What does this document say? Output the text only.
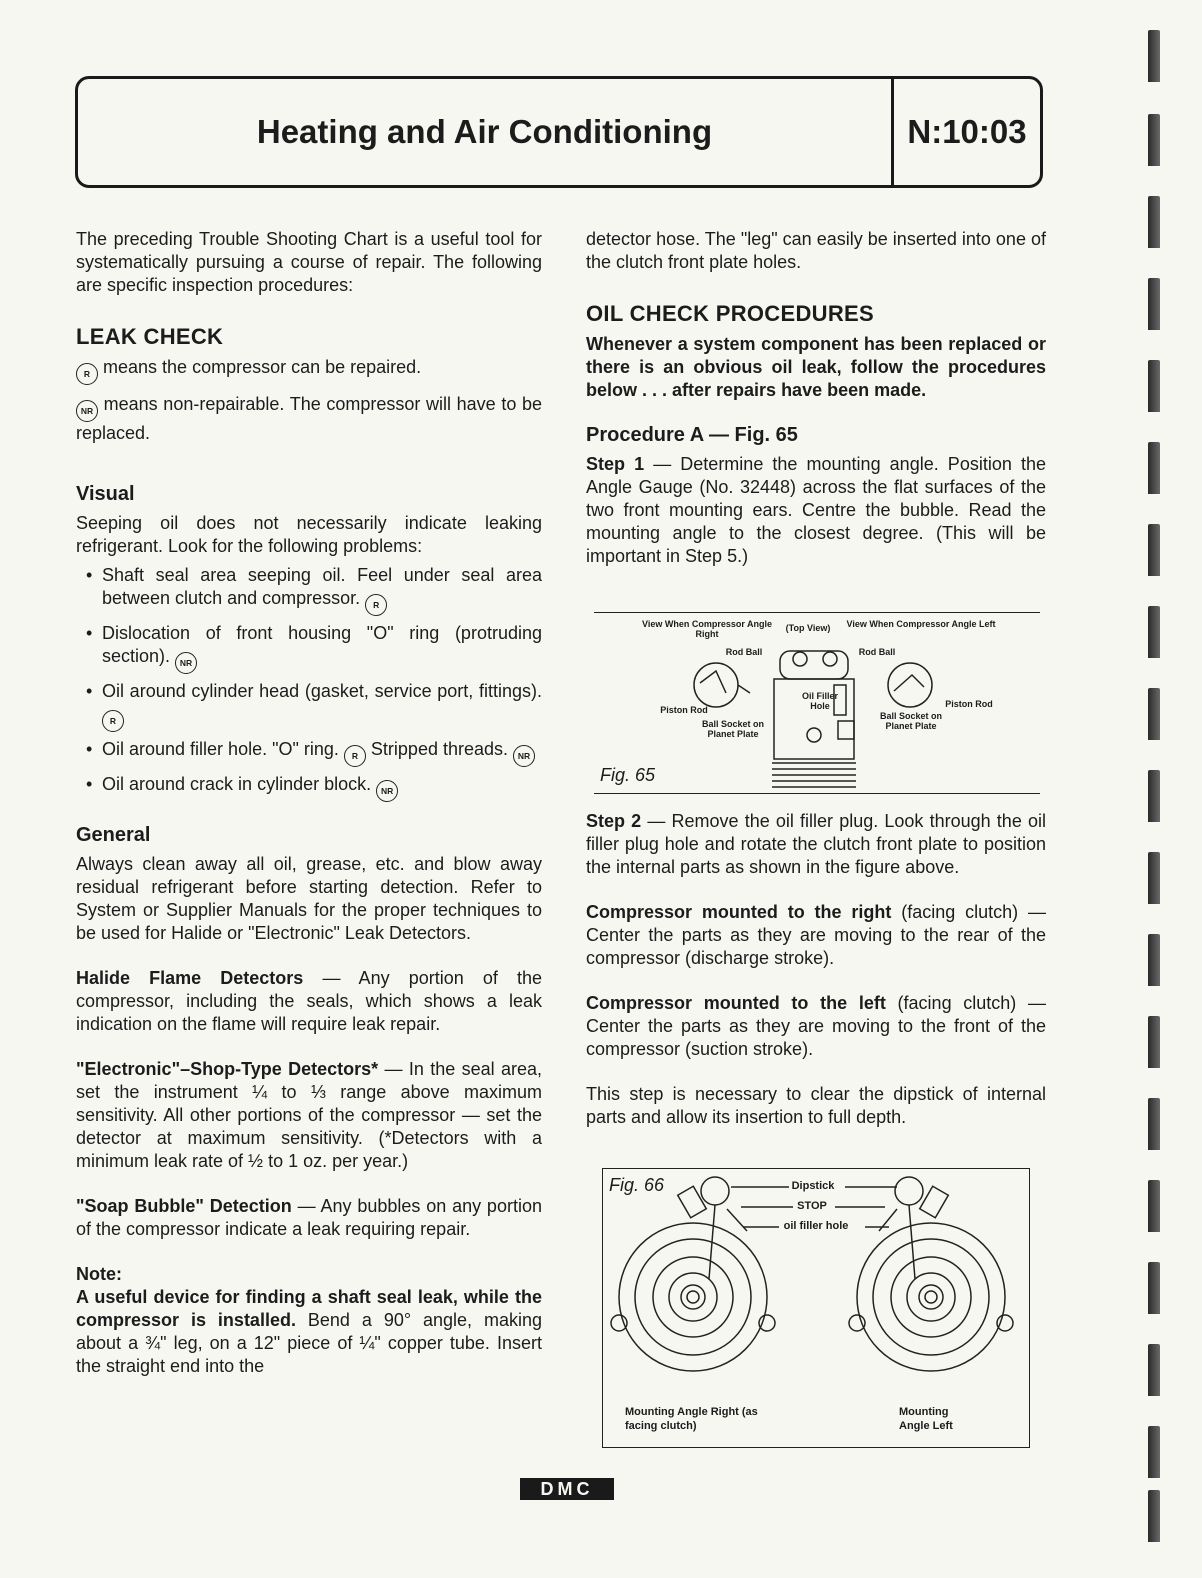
Heating and Air Conditioning	N:10:03

The preceding Trouble Shooting Chart is a useful tool for systematically pursuing a course of repair. The following are specific inspection procedures:

LEAK CHECK

R means the compressor can be repaired.

NR means non-repairable. The compressor will have to be replaced.

Visual

Seeping oil does not necessarily indicate leaking refrigerant. Look for the following problems:

• Shaft seal area seeping oil. Feel under seal area between clutch and compressor. R
• Dislocation of front housing "O" ring (protruding section). NR
• Oil around cylinder head (gasket, service port, fittings). R
• Oil around filler hole. "O" ring. R Stripped threads. NR
• Oil around crack in cylinder block. NR
General

Always clean away all oil, grease, etc. and blow away residual refrigerant before starting detection. Refer to System or Supplier Manuals for the proper techniques to be used for Halide or "Electronic" Leak Detectors.

Halide Flame Detectors — Any portion of the compressor, including the seals, which shows a leak indication on the flame will require leak repair.

"Electronic"–Shop-Type Detectors* — In the seal area, set the instrument ¼ to ⅓ range above maximum sensitivity. All other portions of the compressor — set the detector at maximum sensitivity. (*Detectors with a minimum leak rate of ½ to 1 oz. per year.)

"Soap Bubble" Detection — Any bubbles on any portion of the compressor indicate a leak requiring repair.

Note:

A useful device for finding a shaft seal leak, while the compressor is installed. Bend a 90° angle, making about a ¾" leg, on a 12" piece of ¼" copper tube. Insert the straight end into the

detector hose. The "leg" can easily be inserted into one of the clutch front plate holes.

OIL CHECK PROCEDURES

Whenever a system component has been replaced or there is an obvious oil leak, follow the procedures below . . . after repairs have been made.

Procedure A — Fig. 65

Step 1 — Determine the mounting angle. Position the Angle Gauge (No. 32448) across the flat surfaces of the two front mounting ears. Centre the bubble. Read the mounting angle to the closest degree. (This will be important in Step 5.)

Fig. 65
View When Compressor Angle Right
(Top View)	View When Compressor Angle Left
Rod Ball	Rod Ball
Oil Filler Hole
Piston Rod
Piston Rod
Ball Socket on Planet Plate
Ball Socket on Planet Plate

Step 2 — Remove the oil filler plug. Look through the oil filler plug hole and rotate the clutch front plate to position the internal parts as shown in the figure above.

Compressor mounted to the right (facing clutch) — Center the parts as they are moving to the rear of the compressor (discharge stroke).

Compressor mounted to the left (facing clutch) — Center the parts as they are moving to the front of the compressor (suction stroke).

This step is necessary to clear the dipstick of internal parts and allow its insertion to full depth.

Fig. 66	Dipstick
STOP
oil filler hole
Mounting Angle Right (as facing clutch)
Mounting Angle Left
DMC
